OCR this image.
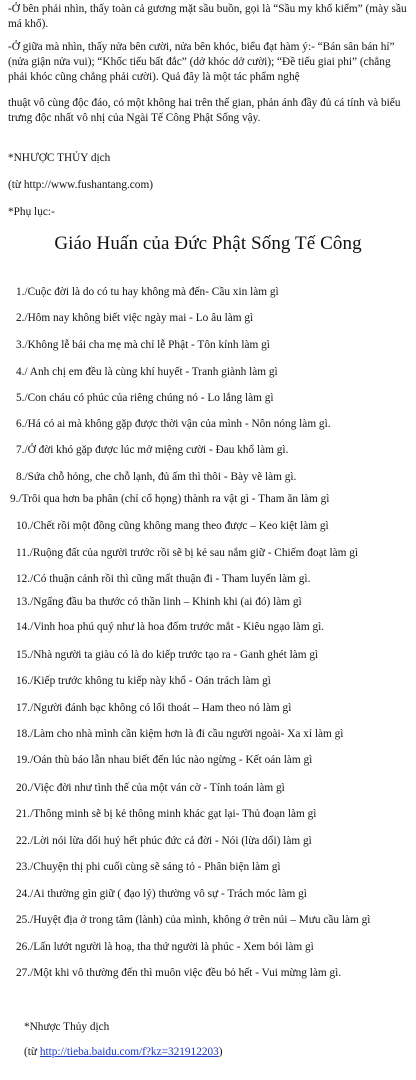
-Ở bên phải nhìn, thấy toàn cả gương mặt sầu buồn, gọi là “Sầu my khổ kiểm” (mày sầu má khổ).

-Ở giữa mà nhìn, thấy nửa bên cười, nửa bên khóc, biểu đạt hàm ý:- “Bán sân bán hỉ” (nửa giận nửa vui); “Khốc tiếu bất đắc” (dở khóc dở cười); “Đề tiếu giai phi” (chẳng phải khóc cũng chẳng phải cười). Quả đây là một tác phẩm nghệ

thuật vô cùng độc đáo, có một không hai trên thế gian, phản ánh đầy đủ cá tính và biểu trưng độc nhất vô nhị của Ngài Tế Công Phật Sống vậy.

*NHƯỢC THỦY dịch
(từ http://www.fushantang.com)
*Phụ lục:-
Giáo Huấn của Đức Phật Sống Tế Công
1./Cuộc đời là do có tu hay không mà đến- Cầu xin làm gì
2./Hôm nay không biết việc ngày mai - Lo âu làm gì
3./Không lễ bái cha mẹ mà chỉ lễ Phật - Tôn kính làm gì
4./ Anh chị em đều là cùng khí huyết - Tranh giành làm gì
5./Con cháu có phúc của riêng chúng nó - Lo lắng làm gì
6./Há có ai mà không gặp được thời vận của mình - Nôn nóng làm gì.
7./Ở đời khó gặp được lúc mở miệng cười - Đau khổ làm gì.
8./Sứa chỗ hỏng, che chỗ lạnh, đủ ấm thì thôi - Bày vẽ làm gì.
9./Trôi qua hơn ba phân (chỉ cổ họng) thành ra vật gì - Tham ăn làm gì
10./Chết rồi một đồng cũng không mang theo được – Keo kiệt làm gì
11./Ruộng đất của người trước rồi sẽ bị kẻ sau nắm giữ - Chiếm đoạt làm gì
12./Có thuận cảnh rồi thì cũng mất thuận đi - Tham luyến làm gì.
13./Ngẩng đầu ba thước có thần linh – Khinh khi (ai đó) làm gì
14./Vinh hoa phú quý như là hoa đốm trước mắt - Kiêu ngạo làm gì.
15./Nhà người ta giàu có là do kiếp trước tạo ra - Ganh ghét làm gì
16./Kiếp trước không tu kiếp này khổ - Oán trách làm gì
17./Người đánh bạc không có lối thoát – Ham theo nó làm gì
18./Làm cho nhà mình cần kiệm hơn là đi cầu người ngoài- Xa xỉ làm gì
19./Oán thù báo lẫn nhau biết đến lúc nào ngừng - Kết oán làm gì
20./Việc đời như tình thế của một ván cờ - Tính toán làm gì
21./Thông minh sẽ bị kẻ thông minh khác gạt lại- Thủ đoạn làm gì
22./Lời nói lừa dối huỷ hết phúc đức cả đời - Nói (lừa dối) làm gì
23./Chuyện thị phi cuối cùng sẽ sáng tỏ - Phân biện làm gì
24./Ai thường gìn giữ ( đạo lý) thường vô sự - Trách móc làm gì
25./Huyệt địa ở trong tâm (lành) của mình, không ở trên núi – Mưu cầu làm gì
26./Lấn lướt người là hoạ, tha thứ người là phúc - Xem bói làm gì
27./Một khi vô thường đến thì muôn việc đều bỏ hết - Vui mừng làm gì.
*Nhược Thủy dịch
(từ http://tieba.baidu.com/f?kz=321912203)
